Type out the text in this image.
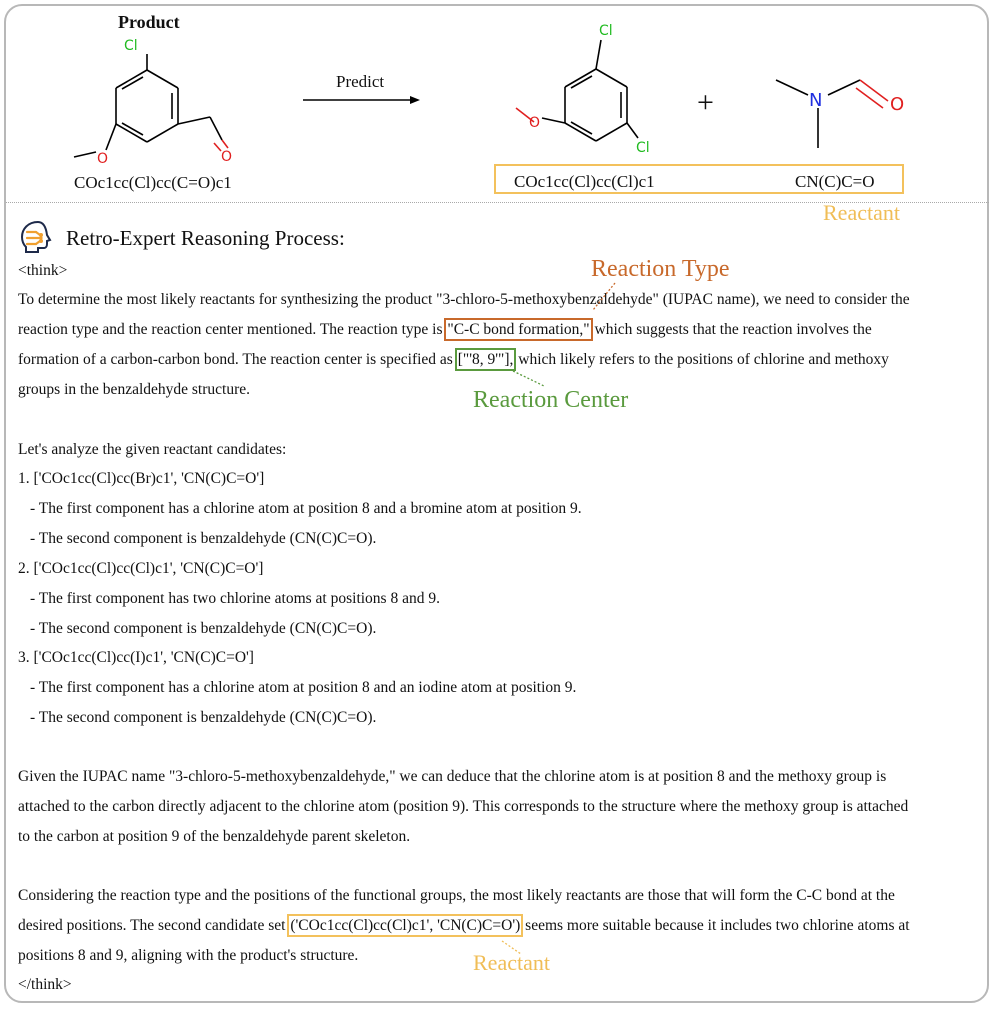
Product
Cl
O
O
COc1cc(Cl)cc(C=O)c1
Predict
Cl
Cl
O
+	N	O
COc1cc(Cl)cc(Cl)c1	CN(C)C=O
Reactant
Retro-Expert Reasoning Process:
<think>
To determine the most likely reactants for synthesizing the product "3-chloro-5-methoxybenzaldehyde" (IUPAC name), we need to consider the
reaction type and the reaction center mentioned. The reaction type is "C-C bond formation," which suggests that the reaction involves the
formation of a carbon-carbon bond. The reaction center is specified as ["'8, 9'"], which likely refers to the positions of chlorine and methoxy
groups in the benzaldehyde structure.
Reaction Type
Reaction Center
Let's analyze the given reactant candidates:
1. ['COc1cc(Cl)cc(Br)c1', 'CN(C)C=O']
- The first component has a chlorine atom at position 8 and a bromine atom at position 9.
- The second component is benzaldehyde (CN(C)C=O).
2. ['COc1cc(Cl)cc(Cl)c1', 'CN(C)C=O']
- The first component has two chlorine atoms at positions 8 and 9.
- The second component is benzaldehyde (CN(C)C=O).
3. ['COc1cc(Cl)cc(I)c1', 'CN(C)C=O']
- The first component has a chlorine atom at position 8 and an iodine atom at position 9.
- The second component is benzaldehyde (CN(C)C=O).
Given the IUPAC name "3-chloro-5-methoxybenzaldehyde," we can deduce that the chlorine atom is at position 8 and the methoxy group is
attached to the carbon directly adjacent to the chlorine atom (position 9). This corresponds to the structure where the methoxy group is attached
to the carbon at position 9 of the benzaldehyde parent skeleton.
Considering the reaction type and the positions of the functional groups, the most likely reactants are those that will form the C-C bond at the
desired positions. The second candidate set ('COc1cc(Cl)cc(Cl)c1', 'CN(C)C=O') seems more suitable because it includes two chlorine atoms at
positions 8 and 9, aligning with the product's structure.	Reactant
</think>
